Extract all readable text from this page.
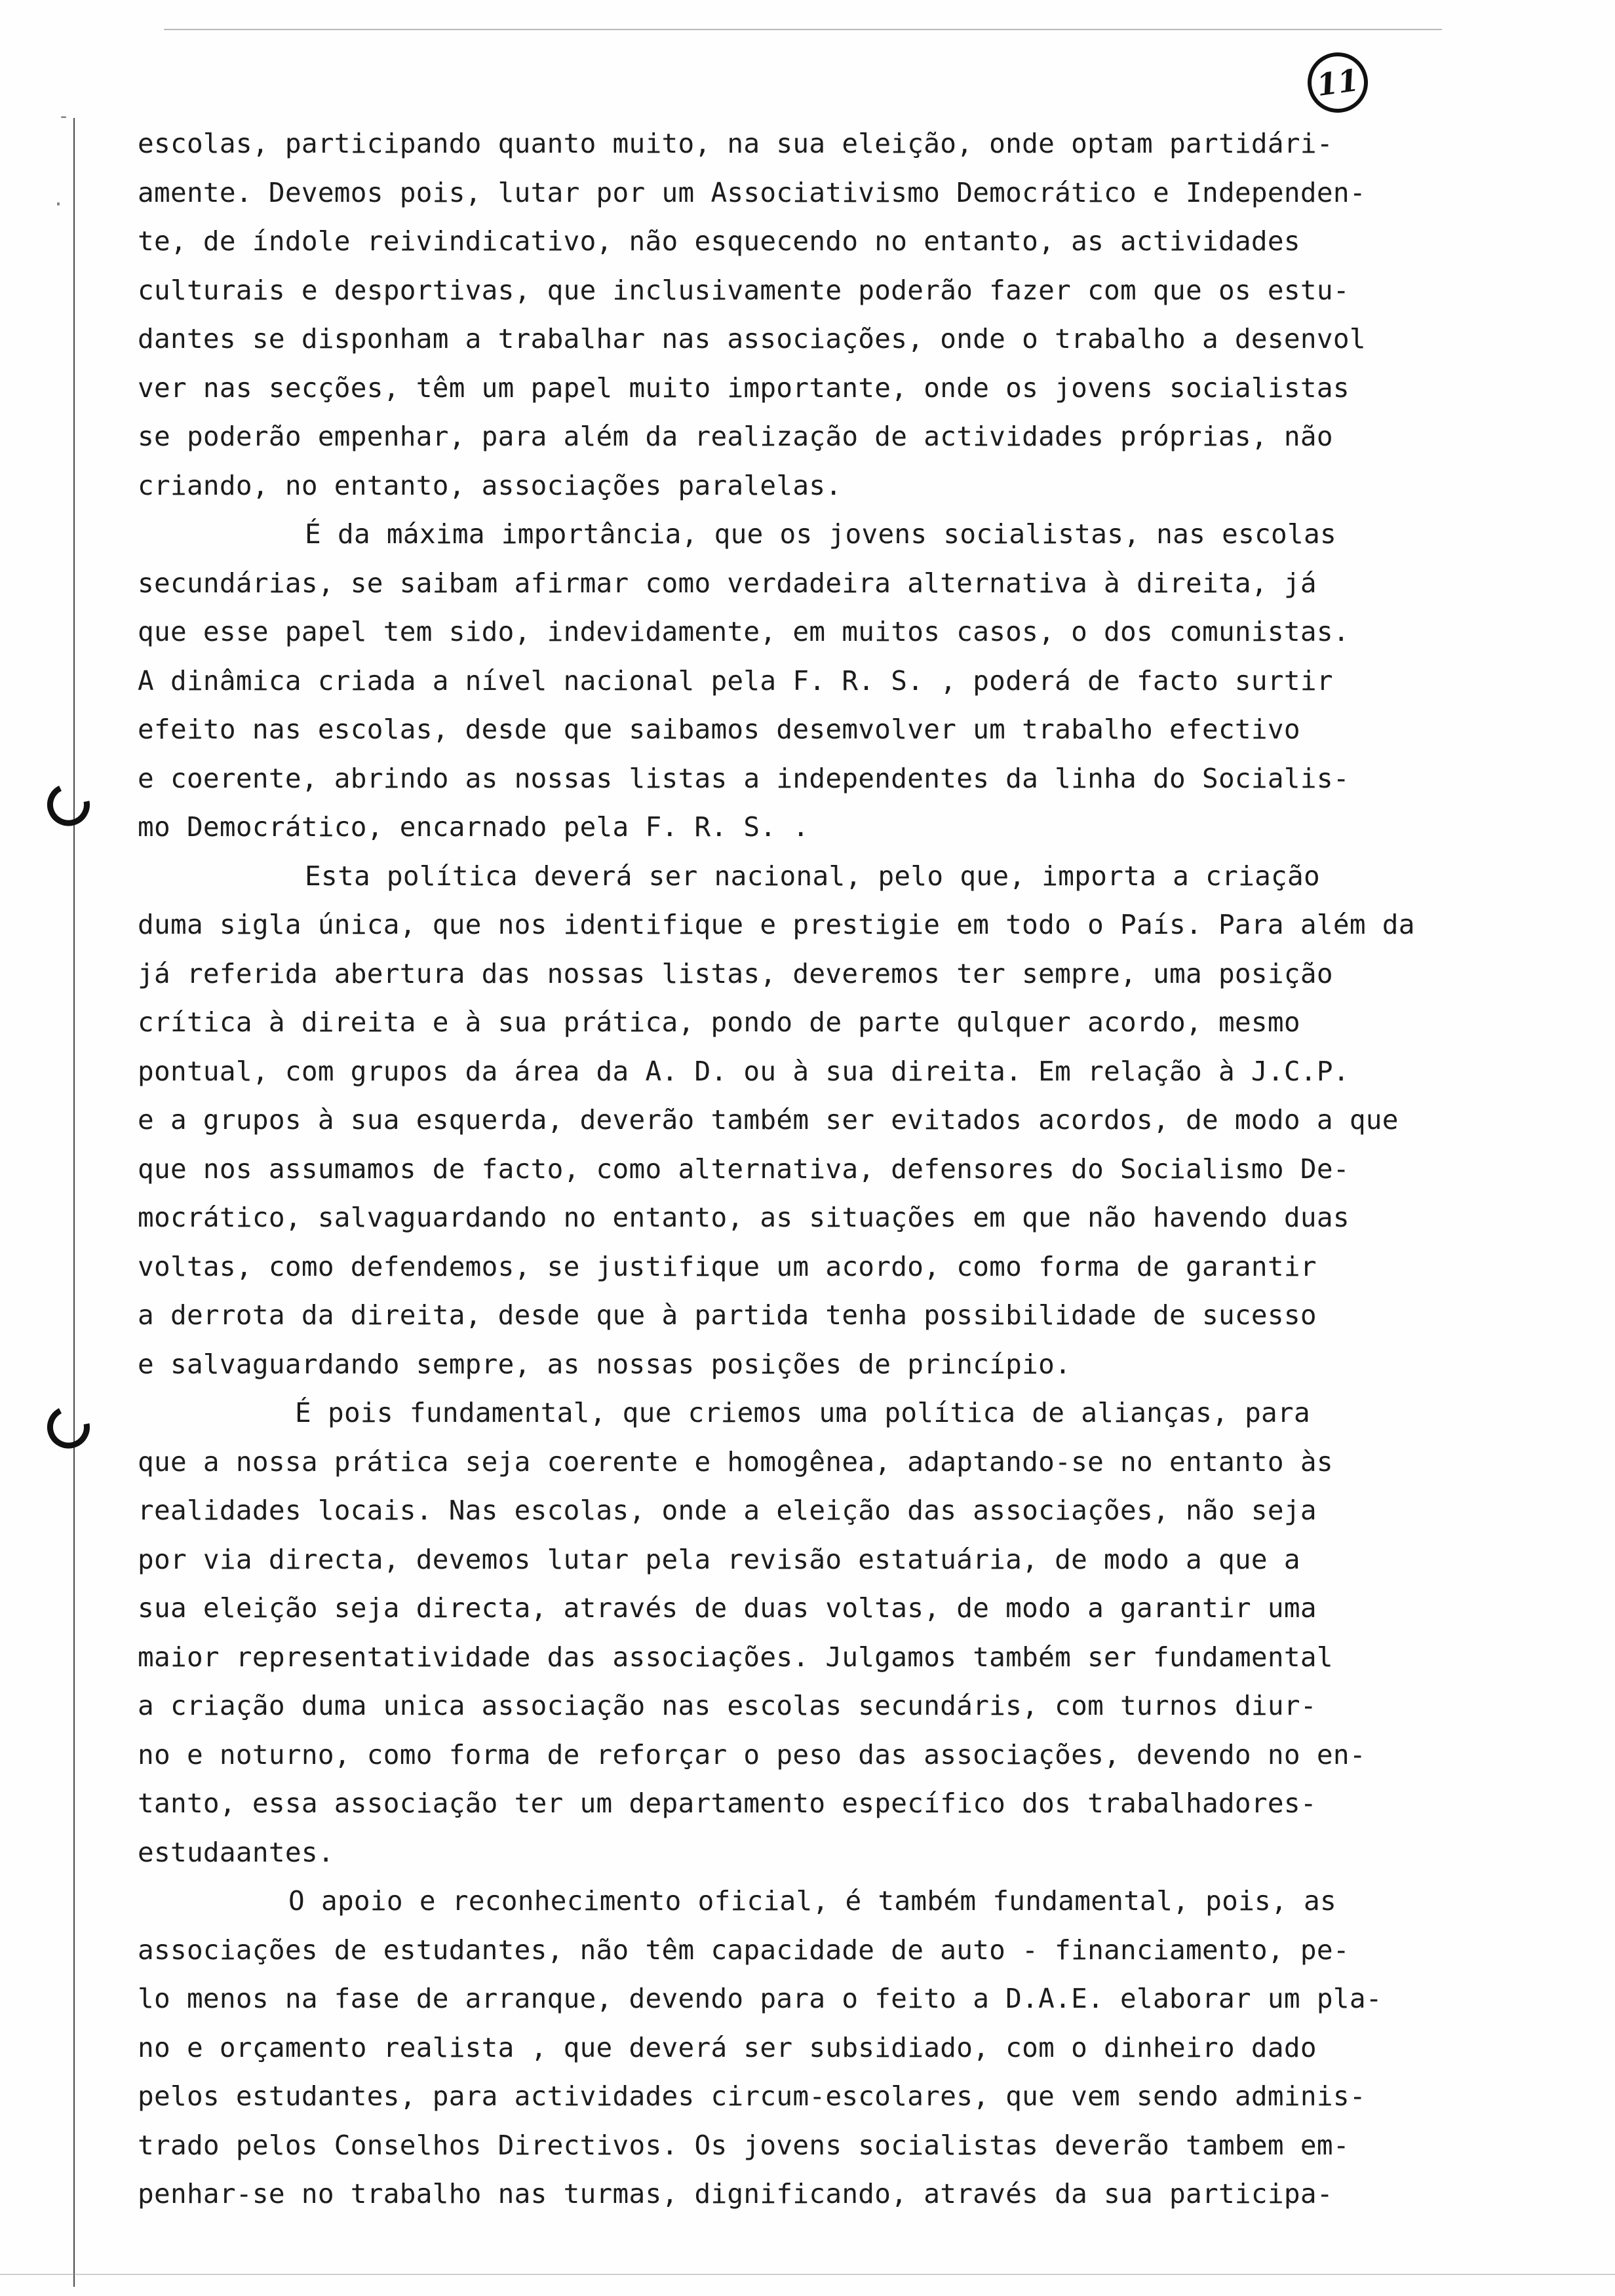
-
·
11
escolas, participando quanto muito, na sua eleição, onde optam partidári-
amente. Devemos pois, lutar por um Associativismo Democrático e Independen-
te, de índole reivindicativo, não esquecendo no entanto, as actividades
culturais e desportivas, que inclusivamente poderão fazer com que os estu-
dantes se disponham a trabalhar nas associações, onde o trabalho a desenvol
ver nas secções, têm um papel muito importante, onde os jovens socialistas
se poderão empenhar, para além da realização de actividades próprias, não
criando, no entanto, associações paralelas.
É da máxima importância, que os jovens socialistas, nas escolas
secundárias, se saibam afirmar como verdadeira alternativa à direita, já
que esse papel tem sido, indevidamente, em muitos casos, o dos comunistas.
A dinâmica criada a nível nacional pela F. R. S. , poderá de facto surtir
efeito nas escolas, desde que saibamos desemvolver um trabalho efectivo
e coerente, abrindo as nossas listas a independentes da linha do Socialis-
mo Democrático, encarnado pela F. R. S. .
Esta política deverá ser nacional, pelo que, importa a criação
duma sigla única, que nos identifique e prestigie em todo o País. Para além da
já referida abertura das nossas listas, deveremos ter sempre, uma posição
crítica à direita e à sua prática, pondo de parte qulquer acordo, mesmo
pontual, com grupos da área da A. D. ou à sua direita. Em relação à J.C.P.
e a grupos à sua esquerda, deverão também ser evitados acordos, de modo a que
que nos assumamos de facto, como alternativa, defensores do Socialismo De-
mocrático, salvaguardando no entanto, as situações em que não havendo duas
voltas, como defendemos, se justifique um acordo, como forma de garantir
a derrota da direita, desde que à partida tenha possibilidade de sucesso
e salvaguardando sempre, as nossas posições de princípio.
É pois fundamental, que criemos uma política de alianças, para
que a nossa prática seja coerente e homogênea, adaptando-se no entanto às
realidades locais. Nas escolas, onde a eleição das associações, não seja
por via directa, devemos lutar pela revisão estatuária, de modo a que a
sua eleição seja directa, através de duas voltas, de modo a garantir uma
maior representatividade das associações. Julgamos também ser fundamental
a criação duma unica associação nas escolas secundáris, com turnos diur-
no e noturno, como forma de reforçar o peso das associações, devendo no en-
tanto, essa associação ter um departamento específico dos trabalhadores-
estudaantes.
O apoio e reconhecimento oficial, é também fundamental, pois, as
associações de estudantes, não têm capacidade de auto - financiamento, pe-
lo menos na fase de arranque, devendo para o feito a D.A.E. elaborar um pla-
no e orçamento realista , que deverá ser subsidiado, com o dinheiro dado
pelos estudantes, para actividades circum-escolares, que vem sendo adminis-
trado pelos Conselhos Directivos. Os jovens socialistas deverão tambem em-
penhar-se no trabalho nas turmas, dignificando, através da sua participa-
